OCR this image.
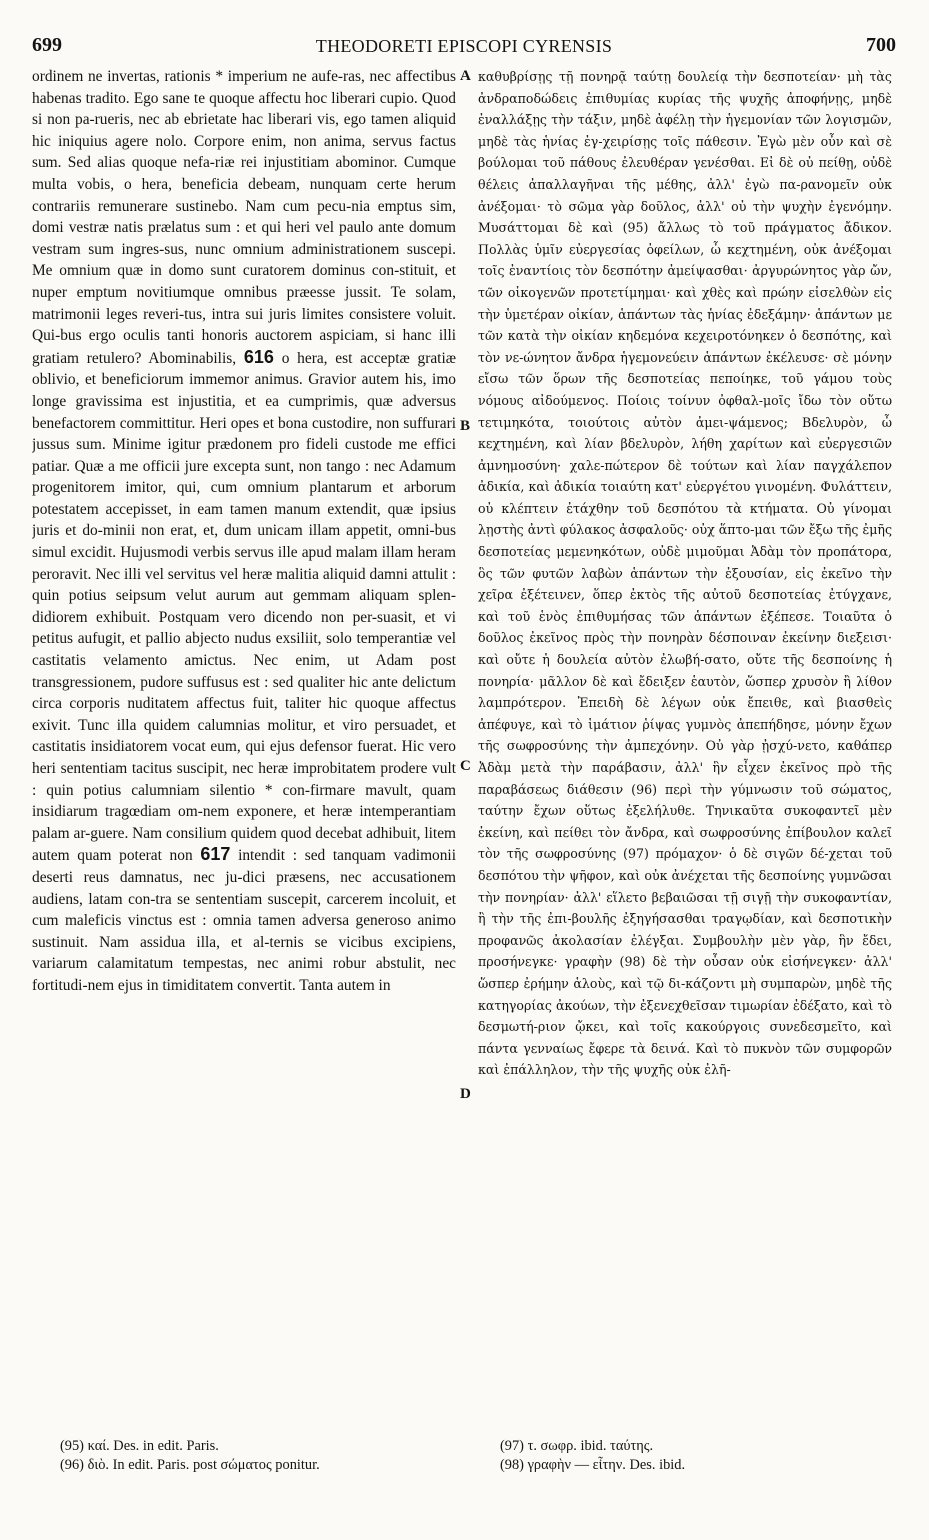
699	THEODORETI EPISCOPI CYRENSIS	700
ordinem ne invertas, rationis * imperium ne aufe-ras, nec affectibus habenas tradito. Ego sane te quoque affectu hoc liberari cupio. Quod si non pa-rueris, nec ab ebrietate hac liberari vis, ego tamen aliquid hic iniquius agere nolo. Corpore enim, non anima, servus factus sum. Sed alias quoque nefa-riæ rei injustitiam abominor. Cumque multa vobis, o hera, beneficia debeam, nunquam certe herum contrariis remunerare sustinebo. Nam cum pecu-nia emptus sim, domi vestræ natis prælatus sum : et qui heri vel paulo ante domum vestram sum ingres-sus, nunc omnium administrationem suscepi. Me omnium quæ in domo sunt curatorem dominus con-stituit, et nuper emptum novitiumque omnibus præesse jussit. Te solam, matrimonii leges reveri-tus, intra sui juris limites consistere voluit. Qui-bus ergo oculis tanti honoris auctorem aspiciam, si hanc illi gratiam retulero? Abominabilis, 616 o hera, est acceptæ gratiæ oblivio, et beneficiorum immemor animus. Gravior autem his, imo longe gravissima est injustitia, et ea cumprimis, quæ adversus benefactorem committitur. Heri opes et bona custodire, non suffurari jussus sum. Minime igitur prædonem pro fideli custode me effici patiar. Quæ a me officii jure excepta sunt, non tango : nec Adamum progenitorem imitor, qui, cum omnium plantarum et arborum potestatem accepisset, in eam tamen manum extendit, quæ ipsius juris et do-minii non erat, et, dum unicam illam appetit, omni-bus simul excidit. Hujusmodi verbis servus ille apud malam illam heram peroravit. Nec illi vel servitus vel heræ malitia aliquid damni attulit : quin potius seipsum velut aurum aut gemmam aliquam splen-didiorem exhibuit. Postquam vero dicendo non per-suasit, et vi petitus aufugit, et pallio abjecto nudus exsiliit, solo temperantiæ vel castitatis velamento amictus. Nec enim, ut Adam post transgressionem, pudore suffusus est : sed qualiter hic ante delictum circa corporis nuditatem affectus fuit, taliter hic quoque affectus exivit. Tunc illa quidem calumnias molitur, et viro persuadet, et castitatis insidiatorem vocat eum, qui ejus defensor fuerat. Hic vero heri sententiam tacitus suscipit, nec heræ improbitatem prodere vult : quin potius calumniam silentio * con-firmare mavult, quam insidiarum tragœdiam om-nem exponere, et heræ intemperantiam palam ar-guere. Nam consilium quidem quod decebat adhibuit, litem autem quam poterat non 617 intendit : sed tanquam vadimonii deserti reus damnatus, nec ju-dici præsens, nec accusationem audiens, latam con-tra se sententiam suscepit, carcerem incoluit, et cum maleficis vinctus est : omnia tamen adversa generoso animo sustinuit. Nam assidua illa, et al-ternis se vicibus excipiens, variarum calamitatum tempestas, nec animi robur abstulit, nec fortitudi-nem ejus in timiditatem convertit. Tanta autem in
A
B
C
D
καθυβρίσῃς τῇ πονηρᾷ ταύτῃ δουλείᾳ τὴν δεσποτείαν· μὴ τὰς ἀνδραποδώδεις ἐπιθυμίας κυρίας τῆς ψυχῆς ἀποφήνῃς, μηδὲ ἐναλλάξῃς τὴν τάξιν, μηδὲ ἀφέλῃ τὴν ἡγεμονίαν τῶν λογισμῶν, μηδὲ τὰς ἡνίας ἐγ-χειρίσῃς τοῖς πάθεσιν. Ἐγὼ μὲν οὖν καὶ σὲ βούλομαι τοῦ πάθους ἐλευθέραν γενέσθαι. Εἰ δὲ οὐ πείθῃ, οὐδὲ θέλεις ἀπαλλαγῆναι τῆς μέθης, ἀλλ' ἐγὼ πα-ρανομεῖν οὐκ ἀνέξομαι· τὸ σῶμα γὰρ δοῦλος, ἀλλ' οὐ τὴν ψυχὴν ἐγενόμην. Μυσάττομαι δὲ καὶ (95) ἄλλως τὸ τοῦ πράγματος ἄδικον. Πολλὰς ὑμῖν εὐεργεσίας ὀφείλων, ὦ κεχτημένη, οὐκ ἀνέξομαι τοῖς ἐναντίοις τὸν δεσπότην ἀμείψασθαι· ἀργυρώνητος γὰρ ὤν, τῶν οἰκογενῶν προτετίμημαι· καὶ χθὲς καὶ πρώην εἰσελθὼν εἰς τὴν ὑμετέραν οἰκίαν, ἁπάντων τὰς ἡνίας ἐδεξάμην· ἁπάντων με τῶν κατὰ τὴν οἰκίαν κηδεμόνα κεχειροτόνηκεν ὁ δεσπότης, καὶ τὸν νε-ώνητον ἄνδρα ἡγεμονεύειν ἁπάντων ἐκέλευσε· σὲ μόνην εἴσω τῶν ὅρων τῆς δεσποτείας πεποίηκε, τοῦ γάμου τοὺς νόμους αἰδούμενος. Ποίοις τοίνυν ὀφθαλ-μοῖς ἴδω τὸν οὕτω τετιμηκότα, τοιούτοις αὐτὸν ἀμει-ψάμενος; Βδελυρὸν, ὦ κεχτημένη, καὶ λίαν βδελυρὸν, λήθη χαρίτων καὶ εὐεργεσιῶν ἀμνημοσύνη· χαλε-πώτερον δὲ τούτων καὶ λίαν παγχάλεπον ἀδικία, καὶ ἀδικία τοιαύτη κατ' εὐεργέτου γινομένη. Φυλάττειν, οὐ κλέπτειν ἐτάχθην τοῦ δεσπότου τὰ κτήματα. Οὐ γίνομαι λῃστὴς ἀντὶ φύλακος ἀσφαλοῦς· οὐχ ἅπτο-μαι τῶν ἔξω τῆς ἐμῆς δεσποτείας μεμενηκότων, οὐδὲ μιμοῦμαι Ἀδὰμ τὸν προπάτορα, ὃς τῶν φυτῶν λαβὼν ἁπάντων τὴν ἐξουσίαν, εἰς ἐκεῖνο τὴν χεῖρα ἐξέτεινεν, ὅπερ ἐκτὸς τῆς αὐτοῦ δεσποτείας ἐτύγχανε, καὶ τοῦ ἑνὸς ἐπιθυμήσας τῶν ἁπάντων ἐξέπεσε. Τοιαῦτα ὁ δοῦλος ἐκεῖνος πρὸς τὴν πονηρὰν δέσποιναν ἐκείνην διεξεισι· καὶ οὔτε ἡ δουλεία αὐτὸν ἐλωβή-σατο, οὔτε τῆς δεσποίνης ἡ πονηρία· μᾶλλον δὲ καὶ ἔδειξεν ἑαυτὸν, ὥσπερ χρυσὸν ἢ λίθον λαμπρότερον. Ἐπειδὴ δὲ λέγων οὐκ ἔπειθε, καὶ βιασθεὶς ἀπέφυγε, καὶ τὸ ἱμάτιον ῥίψας γυμνὸς ἀπεπήδησε, μόνην ἔχων τῆς σωφροσύνης τὴν ἀμπεχόνην. Οὐ γὰρ ᾐσχύ-νετο, καθάπερ Ἀδὰμ μετὰ τὴν παράβασιν, ἀλλ' ἣν εἶχεν ἐκεῖνος πρὸ τῆς παραβάσεως διάθεσιν (96) περὶ τὴν γύμνωσιν τοῦ σώματος, ταύτην ἔχων οὕτως ἐξελήλυθε. Τηνικαῦτα συκοφαντεῖ μὲν ἐκείνη, καὶ πείθει τὸν ἄνδρα, καὶ σωφροσύνης ἐπίβουλον καλεῖ τὸν τῆς σωφροσύνης (97) πρόμαχον· ὁ δὲ σιγῶν δέ-χεται τοῦ δεσπότου τὴν ψῆφον, καὶ οὐκ ἀνέχεται τῆς δεσποίνης γυμνῶσαι τὴν πονηρίαν· ἀλλ' εἵλετο βεβαιῶσαι τῇ σιγῇ τὴν συκοφαντίαν, ἢ τὴν τῆς ἐπι-βουλῆς ἐξηγήσασθαι τραγῳδίαν, καὶ δεσποτικὴν προφανῶς ἀκολασίαν ἐλέγξαι. Συμβουλὴν μὲν γὰρ, ἣν ἔδει, προσήνεγκε· γραφὴν (98) δὲ τὴν οὖσαν οὐκ εἰσήνεγκεν· ἀλλ' ὥσπερ ἐρήμην ἁλοὺς, καὶ τῷ δι-κάζοντι μὴ συμπαρὼν, μηδὲ τῆς κατηγορίας ἀκούων, τὴν ἐξενεχθεῖσαν τιμωρίαν ἐδέξατο, καὶ τὸ δεσμωτή-ριον ᾤκει, καὶ τοῖς κακούργοις συνεδεσμεῖτο, καὶ πάντα γενναίως ἔφερε τὰ δεινά. Καὶ τὸ πυκνὸν τῶν συμφορῶν καὶ ἐπάλληλον, τὴν τῆς ψυχῆς οὐκ ἐλῆ-
(95) καί. Des. in edit. Paris.
(96) διὸ. In edit. Paris. post σώματος ponitur.
(97) τ. σωφρ. ibid. ταύτης.
(98) γραφὴν — εἶτην. Des. ibid.
